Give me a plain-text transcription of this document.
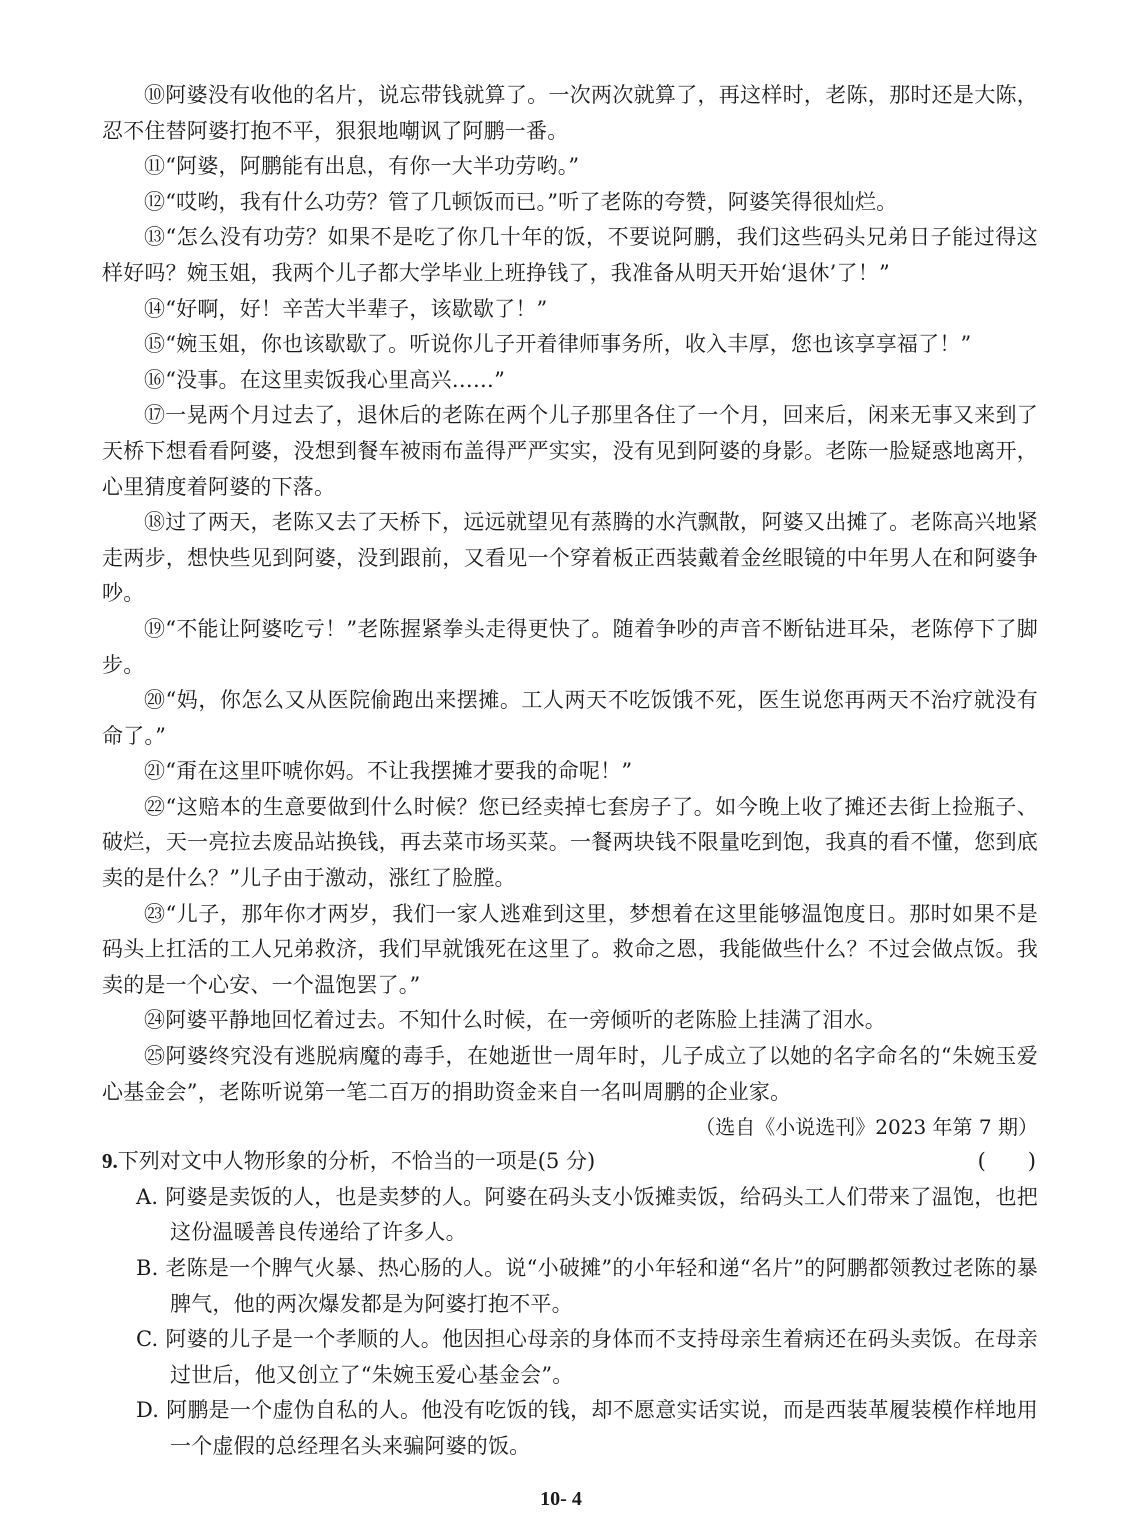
⑩阿婆没有收他的名片，说忘带钱就算了。一次两次就算了，再这样时，老陈，那时还是大陈，忍不住替阿婆打抱不平，狠狠地嘲讽了阿鹏一番。

⑪“阿婆，阿鹏能有出息，有你一大半功劳哟。”

⑫“哎哟，我有什么功劳？管了几顿饭而已。”听了老陈的夸赞，阿婆笑得很灿烂。

⑬“怎么没有功劳？如果不是吃了你几十年的饭，不要说阿鹏，我们这些码头兄弟日子能过得这样好吗？婉玉姐，我两个儿子都大学毕业上班挣钱了，我准备从明天开始‘退休’了！”

⑭“好啊，好！辛苦大半辈子，该歇歇了！”

⑮“婉玉姐，你也该歇歇了。听说你儿子开着律师事务所，收入丰厚，您也该享享福了！”

⑯“没事。在这里卖饭我心里高兴……”

⑰一晃两个月过去了，退休后的老陈在两个儿子那里各住了一个月，回来后，闲来无事又来到了天桥下想看看阿婆，没想到餐车被雨布盖得严严实实，没有见到阿婆的身影。老陈一脸疑惑地离开，心里猜度着阿婆的下落。

⑱过了两天，老陈又去了天桥下，远远就望见有蒸腾的水汽飘散，阿婆又出摊了。老陈高兴地紧走两步，想快些见到阿婆，没到跟前，又看见一个穿着板正西装戴着金丝眼镜的中年男人在和阿婆争吵。

⑲“不能让阿婆吃亏！”老陈握紧拳头走得更快了。随着争吵的声音不断钻进耳朵，老陈停下了脚步。

⑳“妈，你怎么又从医院偷跑出来摆摊。工人两天不吃饭饿不死，医生说您再两天不治疗就没有命了。”

㉑“甭在这里吓唬你妈。不让我摆摊才要我的命呢！”

㉒“这赔本的生意要做到什么时候？您已经卖掉七套房子了。如今晚上收了摊还去街上捡瓶子、破烂，天一亮拉去废品站换钱，再去菜市场买菜。一餐两块钱不限量吃到饱，我真的看不懂，您到底卖的是什么？”儿子由于激动，涨红了脸膛。

㉓“儿子，那年你才两岁，我们一家人逃难到这里，梦想着在这里能够温饱度日。那时如果不是码头上扛活的工人兄弟救济，我们早就饿死在这里了。救命之恩，我能做些什么？不过会做点饭。我卖的是一个心安、一个温饱罢了。”

㉔阿婆平静地回忆着过去。不知什么时候，在一旁倾听的老陈脸上挂满了泪水。

㉕阿婆终究没有逃脱病魔的毒手，在她逝世一周年时，儿子成立了以她的名字命名的“朱婉玉爱心基金会”，老陈听说第一笔二百万的捐助资金来自一名叫周鹏的企业家。

（选自《小说选刊》2023 年第 7 期）

9.下列对文中人物形象的分析，不恰当的一项是(5 分)	(　　)

A. 阿婆是卖饭的人，也是卖梦的人。阿婆在码头支小饭摊卖饭，给码头工人们带来了温饱，也把这份温暖善良传递给了许多人。

B. 老陈是一个脾气火暴、热心肠的人。说“小破摊”的小年轻和递“名片”的阿鹏都领教过老陈的暴脾气，他的两次爆发都是为阿婆打抱不平。

C. 阿婆的儿子是一个孝顺的人。他因担心母亲的身体而不支持母亲生着病还在码头卖饭。在母亲过世后，他又创立了“朱婉玉爱心基金会”。

D. 阿鹏是一个虚伪自私的人。他没有吃饭的钱，却不愿意实话实说，而是西装革履装模作样地用一个虚假的总经理名头来骗阿婆的饭。

10- 4
